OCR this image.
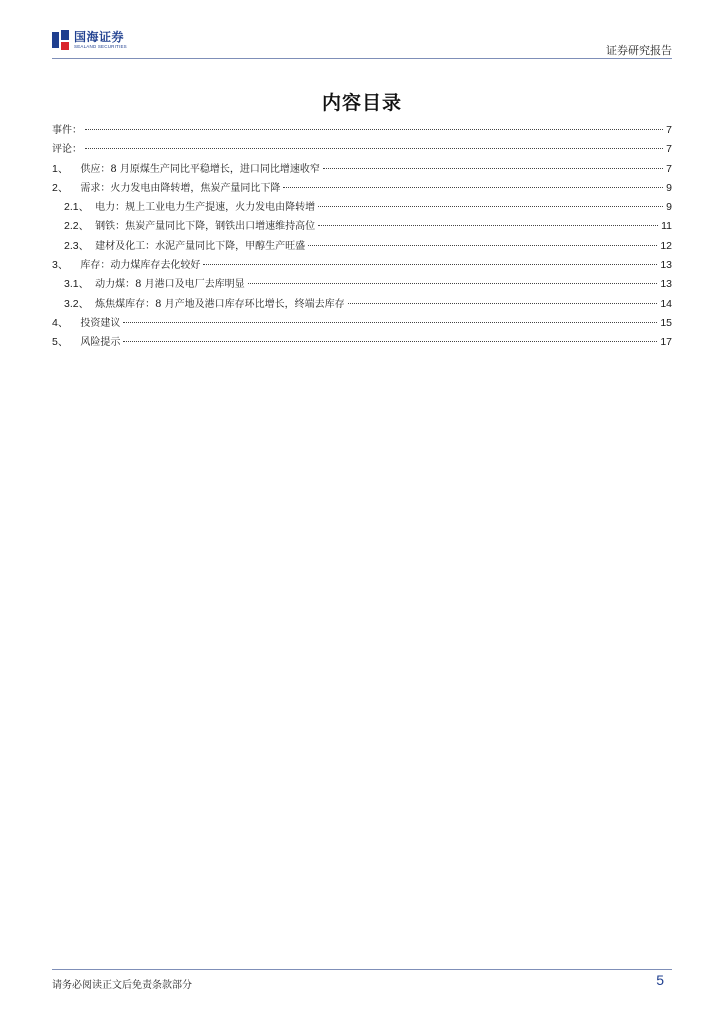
国海证券
SEALAND SECURITIES	证券研究报告
内容目录
事件：	7
评论：	7
1、 供应：8 月原煤生产同比平稳增长，进口同比增速收窄	7
2、 需求：火力发电由降转增，焦炭产量同比下降	9
2.1、 电力：规上工业电力生产提速，火力发电由降转增	9
2.2、 钢铁：焦炭产量同比下降，钢铁出口增速维持高位	11
2.3、 建材及化工：水泥产量同比下降，甲醇生产旺盛	12
3、 库存：动力煤库存去化较好	13
3.1、 动力煤：8 月港口及电厂去库明显	13
3.2、 炼焦煤库存：8 月产地及港口库存环比增长，终端去库存	14
4、 投资建议	15
5、 风险提示	17
请务必阅读正文后免责条款部分	5
